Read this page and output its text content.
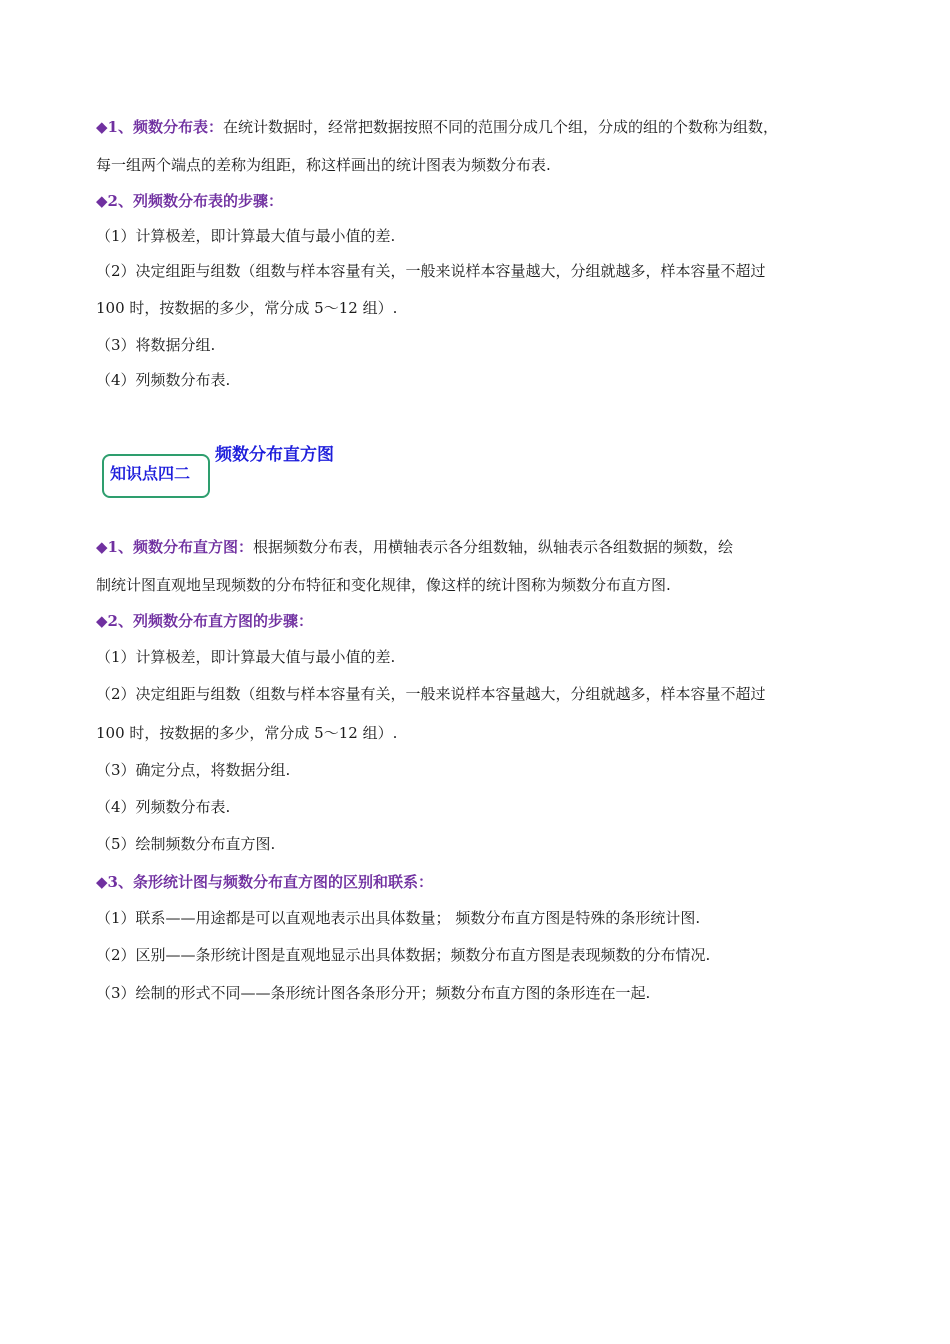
◆1、频数分布表：在统计数据时，经常把数据按照不同的范围分成几个组，分成的组的个数称为组数，
每一组两个端点的差称为组距，称这样画出的统计图表为频数分布表.
◆2、列频数分布表的步骤：
（1）计算极差，即计算最大值与最小值的差.
（2）决定组距与组数（组数与样本容量有关，一般来说样本容量越大，分组就越多，样本容量不超过
100 时，按数据的多少，常分成 5～12 组）.
（3）将数据分组.
（4）列频数分布表.
知识点四二
频数分布直方图
◆1、频数分布直方图：根据频数分布表，用横轴表示各分组数轴，纵轴表示各组数据的频数，绘
制统计图直观地呈现频数的分布特征和变化规律，像这样的统计图称为频数分布直方图.
◆2、列频数分布直方图的步骤：
（1）计算极差，即计算最大值与最小值的差.
（2）决定组距与组数（组数与样本容量有关，一般来说样本容量越大，分组就越多，样本容量不超过
100 时，按数据的多少，常分成 5～12 组）.
（3）确定分点，将数据分组.
（4）列频数分布表.
（5）绘制频数分布直方图.
◆3、条形统计图与频数分布直方图的区别和联系：
（1）联系——用途都是可以直观地表示出具体数量； 频数分布直方图是特殊的条形统计图.
（2）区别——条形统计图是直观地显示出具体数据；频数分布直方图是表现频数的分布情况.
（3）绘制的形式不同——条形统计图各条形分开；频数分布直方图的条形连在一起.
